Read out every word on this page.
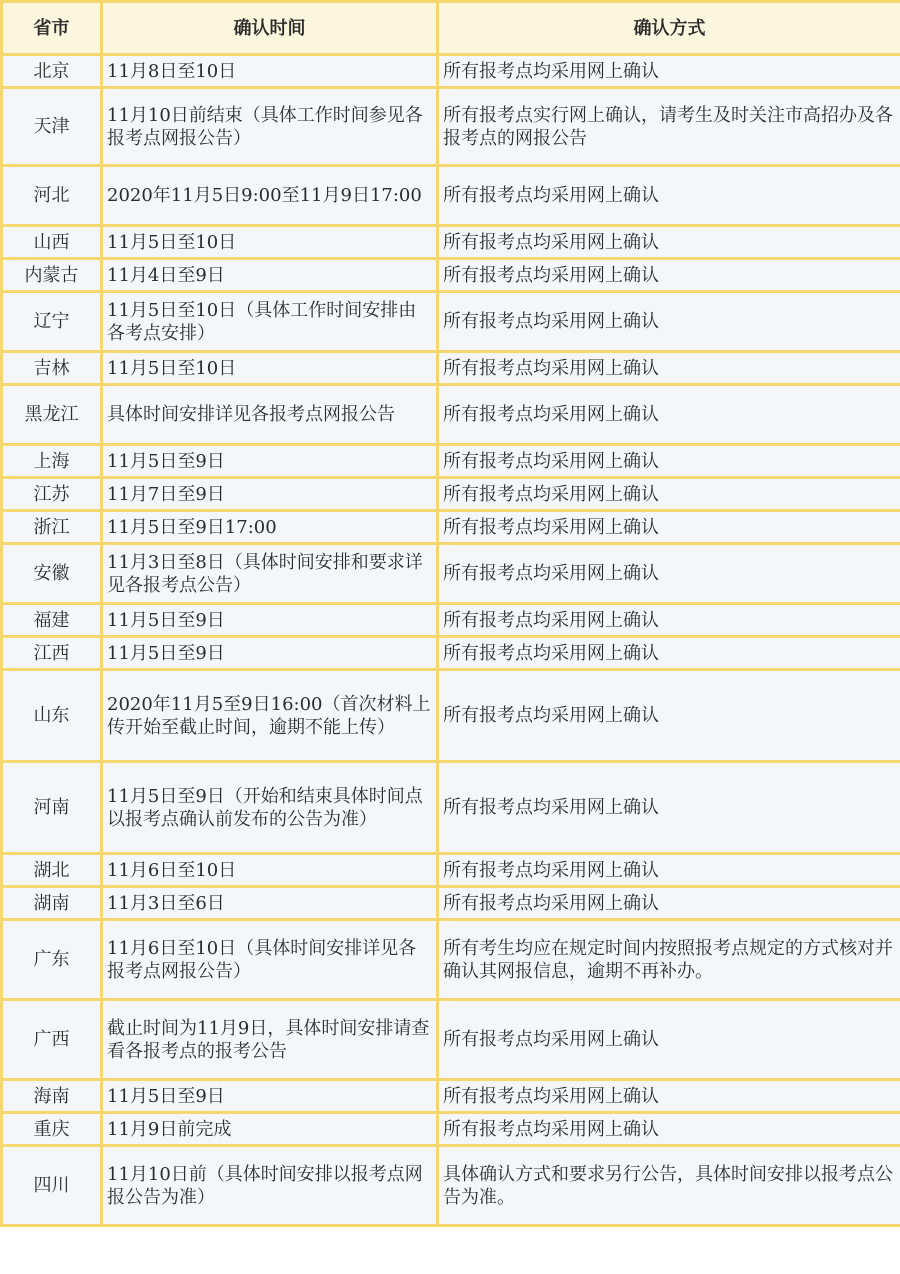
省市	确认时间	确认方式
北京	11月8日至10日	所有报考点均采用网上确认
天津	11月10日前结束（具体工作时间参见各报考点网报公告）	所有报考点实行网上确认，请考生及时关注市高招办及各报考点的网报公告
河北	2020年11月5日9:00至11月9日17:00	所有报考点均采用网上确认
山西	11月5日至10日	所有报考点均采用网上确认
内蒙古	11月4日至9日	所有报考点均采用网上确认
辽宁	11月5日至10日（具体工作时间安排由各考点安排）	所有报考点均采用网上确认
吉林	11月5日至10日	所有报考点均采用网上确认
黑龙江	具体时间安排详见各报考点网报公告	所有报考点均采用网上确认
上海	11月5日至9日	所有报考点均采用网上确认
江苏	11月7日至9日	所有报考点均采用网上确认
浙江	11月5日至9日17:00	所有报考点均采用网上确认
安徽	11月3日至8日（具体时间安排和要求详见各报考点公告）	所有报考点均采用网上确认
福建	11月5日至9日	所有报考点均采用网上确认
江西	11月5日至9日	所有报考点均采用网上确认
山东	2020年11月5至9日16:00（首次材料上传开始至截止时间，逾期不能上传）	所有报考点均采用网上确认
河南	11月5日至9日（开始和结束具体时间点以报考点确认前发布的公告为准）	所有报考点均采用网上确认
湖北	11月6日至10日	所有报考点均采用网上确认
湖南	11月3日至6日	所有报考点均采用网上确认
广东	11月6日至10日（具体时间安排详见各报考点网报公告）	所有考生均应在规定时间内按照报考点规定的方式核对并确认其网报信息，逾期不再补办。
广西	截止时间为11月9日，具体时间安排请查看各报考点的报考公告	所有报考点均采用网上确认
海南	11月5日至9日	所有报考点均采用网上确认
重庆	11月9日前完成	所有报考点均采用网上确认
四川	11月10日前（具体时间安排以报考点网报公告为准）	具体确认方式和要求另行公告，具体时间安排以报考点公告为准。
